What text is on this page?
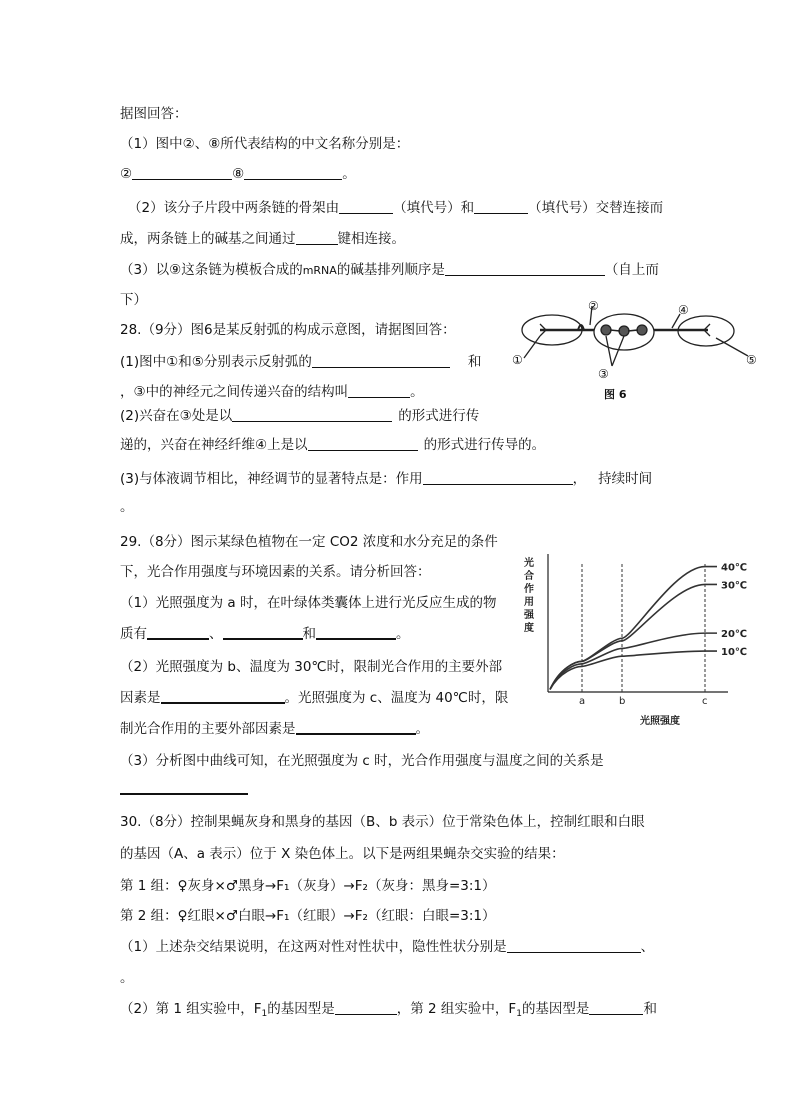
据图回答：
（1）图中②、⑧所代表结构的中文名称分别是：
②	⑧	。
（2）该分子片段中两条链的骨架由	（填代号）和	（填代号）交替连接而
成，两条链上的碱基之间通过	键相连接。
（3）以⑨这条链为模板合成的mRNA的碱基排列顺序是	（自上而
下）
28.（9分）图6是某反射弧的构成示意图，请据图回答：
(1)图中①和⑤分别表示反射弧的	和
，③中的神经元之间传递兴奋的结构叫	。
(2)兴奋在③处是以	的形式进行传
递的，兴奋在神经纤维④上是以	的形式进行传导的。
(3)与体液调节相比，神经调节的显著特点是：作用	， 持续时间
。
①
②
③
④
⑤
图 6
29.（8分）图示某绿色植物在一定 CO2 浓度和水分充足的条件
下，光合作用强度与环境因素的关系。请分析回答：
（1）光照强度为 a 时，在叶绿体类囊体上进行光反应生成的物
质有	、	和	。
（2）光照强度为 b、温度为 30℃时，限制光合作用的主要外部
因素是	。光照强度为 c、温度为 40℃时，限
制光合作用的主要外部因素是	。
（3）分析图中曲线可知，在光照强度为 c 时，光合作用强度与温度之间的关系是
a	b	c
40℃
30℃
20℃
10℃
光合作用强度
光照强度
30.（8分）控制果蝇灰身和黑身的基因（B、b 表示）位于常染色体上，控制红眼和白眼
的基因（A、a 表示）位于 X 染色体上。以下是两组果蝇杂交实验的结果：
第 1 组：♀灰身×♂黑身→F₁（灰身）→F₂（灰身：黑身=3:1）
第 2 组：♀红眼×♂白眼→F₁（红眼）→F₂（红眼：白眼=3:1）
（1）上述杂交结果说明，在这两对性对性状中，隐性性状分别是	、
。
（2）第 1 组实验中，$F_1$的基因型是	，第 2 组实验中，$F_1$的基因型是	和
